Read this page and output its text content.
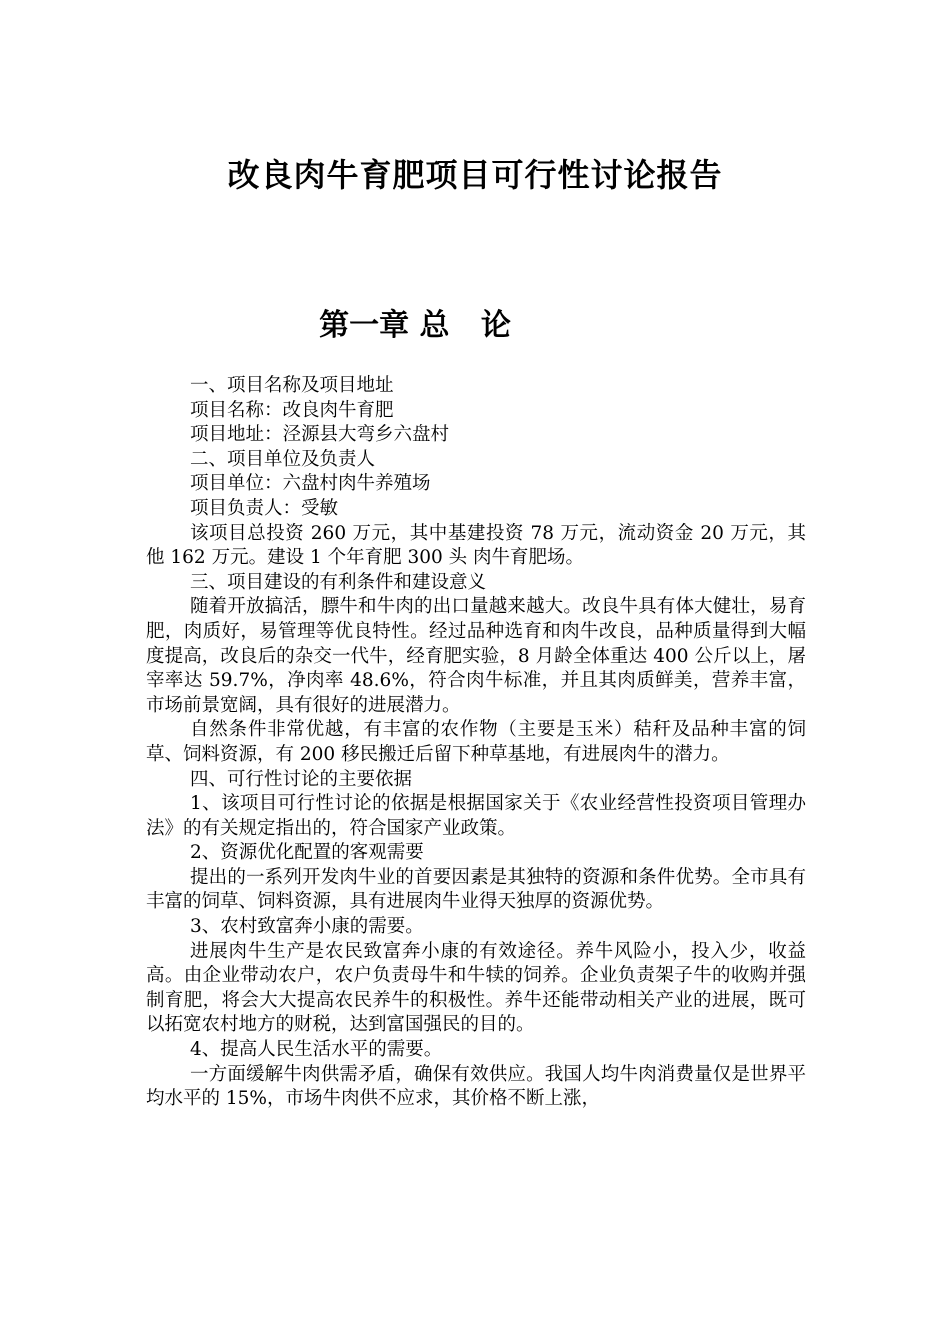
改良肉牛育肥项目可行性讨论报告
第一章 总   论

一、项目名称及项目地址

项目名称：改良肉牛育肥

项目地址：泾源县大弯乡六盘村

二、项目单位及负责人

项目单位：六盘村肉牛养殖场

项目负责人：受敏

该项目总投资 260 万元，其中基建投资 78 万元，流动资金 20 万元，其他 162 万元。建设 1 个年育肥 300 头 肉牛育肥场。

三、项目建设的有利条件和建设意义

随着开放搞活，膘牛和牛肉的出口量越来越大。改良牛具有体大健壮，易育肥，肉质好，易管理等优良特性。经过品种选育和肉牛改良，品种质量得到大幅度提高，改良后的杂交一代牛，经育肥实验，8 月龄全体重达 400 公斤以上，屠宰率达 59.7%，净肉率 48.6%，符合肉牛标准，并且其肉质鲜美，营养丰富，市场前景宽阔，具有很好的进展潜力。

自然条件非常优越，有丰富的农作物（主要是玉米）秸秆及品种丰富的饲草、饲料资源，有 200 移民搬迁后留下种草基地，有进展肉牛的潜力。

四、可行性讨论的主要依据

1、该项目可行性讨论的依据是根据国家关于《农业经营性投资项目管理办法》的有关规定指出的，符合国家产业政策。

2、资源优化配置的客观需要

提出的一系列开发肉牛业的首要因素是其独特的资源和条件优势。全市具有丰富的饲草、饲料资源，具有进展肉牛业得天独厚的资源优势。

3、农村致富奔小康的需要。

进展肉牛生产是农民致富奔小康的有效途径。养牛风险小，投入少，收益高。由企业带动农户，农户负责母牛和牛犊的饲养。企业负责架子牛的收购并强制育肥，将会大大提高农民养牛的积极性。养牛还能带动相关产业的进展，既可以拓宽农村地方的财税，达到富国强民的目的。

4、提高人民生活水平的需要。

一方面缓解牛肉供需矛盾，确保有效供应。我国人均牛肉消费量仅是世界平均水平的 15%，市场牛肉供不应求，其价格不断上涨，
